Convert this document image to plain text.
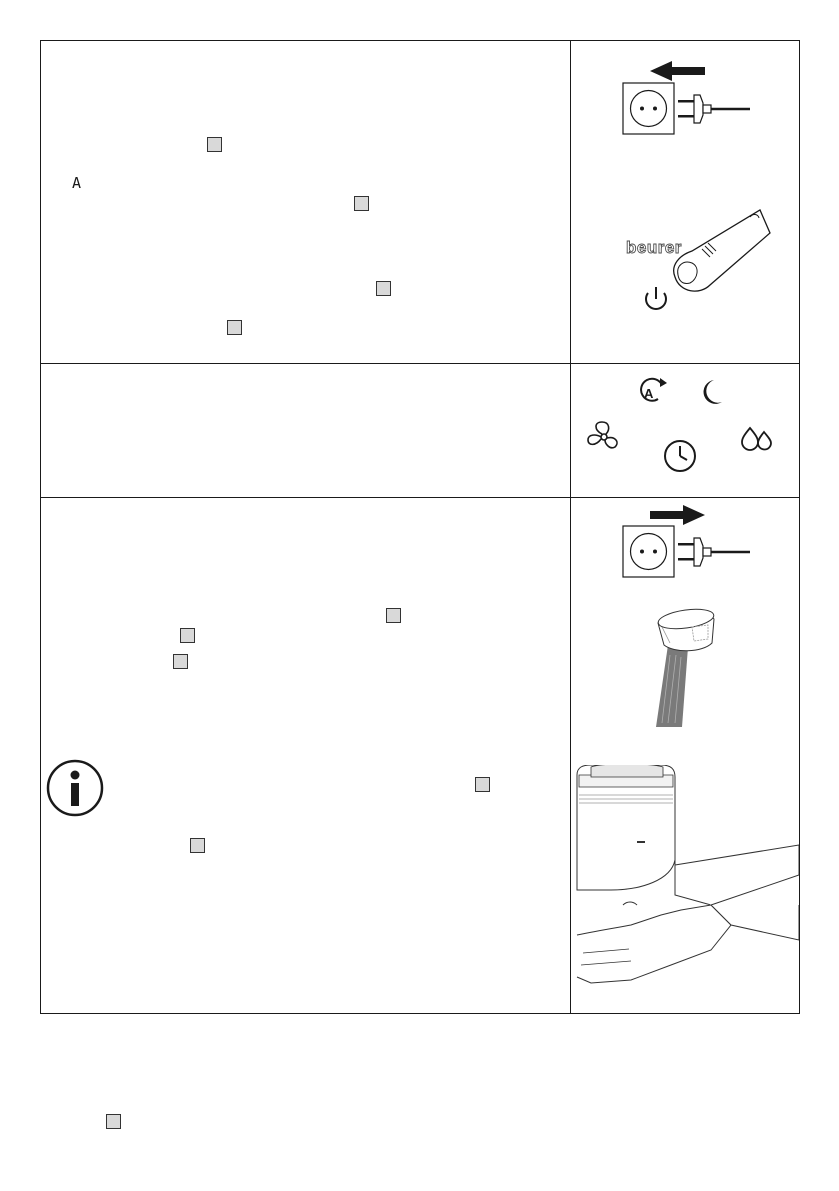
A
beurer
A
